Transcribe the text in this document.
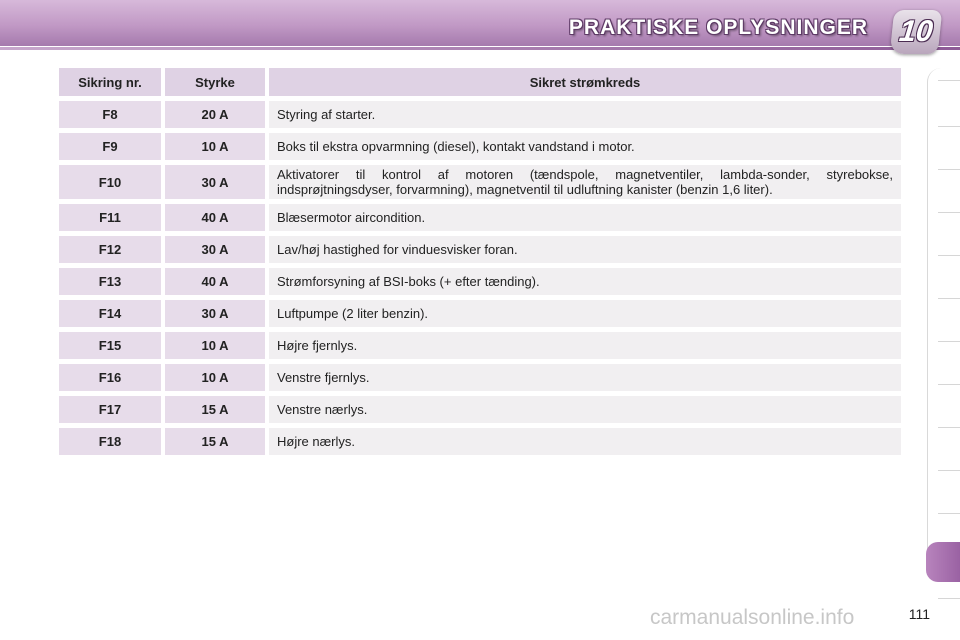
PRAKTISKE OPLYSNINGER 10
Sikring nr.	Styrke	Sikret strømkreds
F8	20 A	Styring af starter.
F9	10 A	Boks til ekstra opvarmning (diesel), kontakt vandstand i motor.
F10	30 A	Aktivatorer til kontrol af motoren (tændspole, magnetventiler, lambda-sonder, styrebokse, indsprøjtningsdyser, forvarmning), magnetventil til udluftning kanister (benzin 1,6 liter).
F11	40 A	Blæsermotor aircondition.
F12	30 A	Lav/høj hastighed for vinduesvisker foran.
F13	40 A	Strømforsyning af BSI-boks (+ efter tænding).
F14	30 A	Luftpumpe (2 liter benzin).
F15	10 A	Højre fjernlys.
F16	10 A	Venstre fjernlys.
F17	15 A	Venstre nærlys.
F18	15 A	Højre nærlys.
carmanualsonline.info	111
